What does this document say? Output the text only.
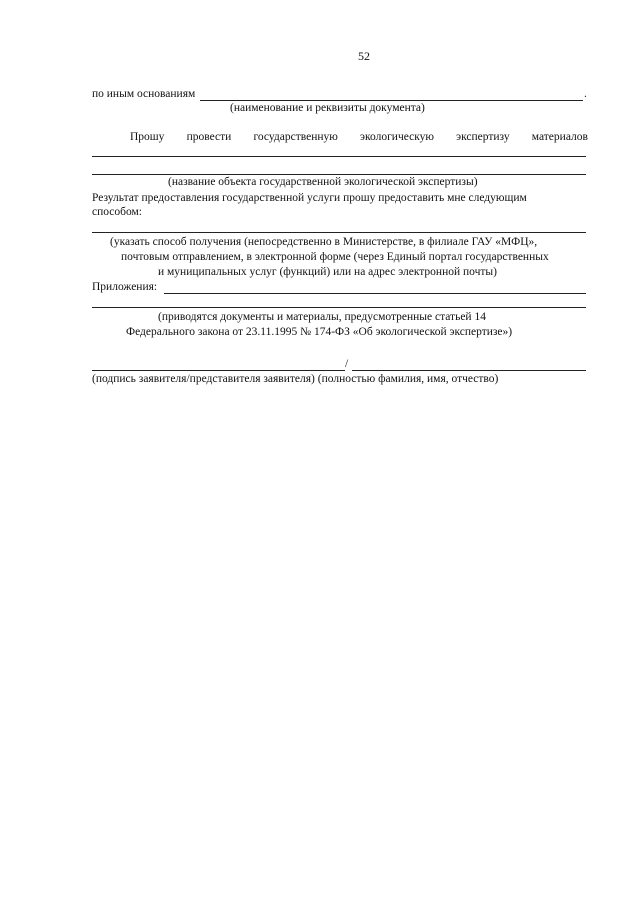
52
по иным основаниям	.
(наименование и реквизиты документа)
Прошу провести государственную экологическую экспертизу материалов
(название объекта государственной экологической экспертизы)
Результат предоставления государственной услуги прошу предоставить мне следующим
способом:
(указать способ получения (непосредственно в Министерстве, в филиале ГАУ «МФЦ»,
почтовым отправлением, в электронной форме (через Единый портал государственных
и муниципальных услуг (функций) или на адрес электронной почты)
Приложения:
(приводятся документы и материалы, предусмотренные статьей 14
Федерального закона от 23.11.1995 № 174-ФЗ «Об экологической экспертизе»)
/
(подпись заявителя/представителя заявителя) (полностью фамилия, имя, отчество)
